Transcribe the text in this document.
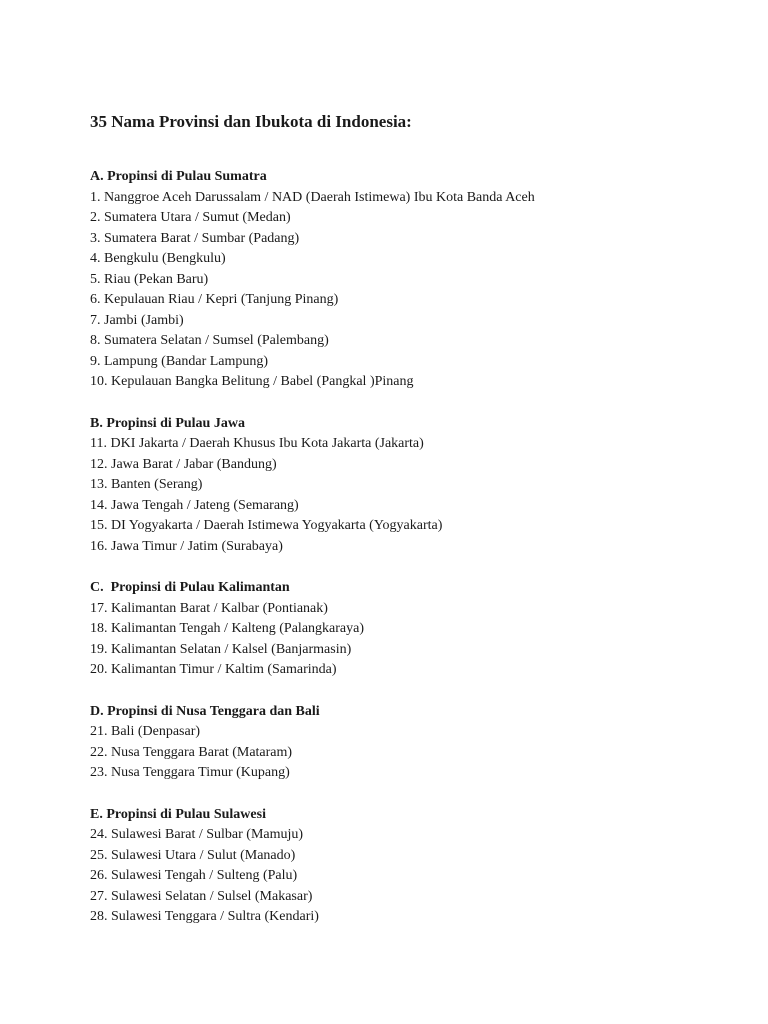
35 Nama Provinsi dan Ibukota di Indonesia:
A. Propinsi di Pulau Sumatra
1. Nanggroe Aceh Darussalam / NAD (Daerah Istimewa) Ibu Kota Banda Aceh
2. Sumatera Utara / Sumut (Medan)
3. Sumatera Barat / Sumbar (Padang)
4. Bengkulu (Bengkulu)
5. Riau (Pekan Baru)
6. Kepulauan Riau / Kepri (Tanjung Pinang)
7. Jambi (Jambi)
8. Sumatera Selatan / Sumsel (Palembang)
9. Lampung (Bandar Lampung)
10. Kepulauan Bangka Belitung / Babel (Pangkal )Pinang
B. Propinsi di Pulau Jawa
11. DKI Jakarta / Daerah Khusus Ibu Kota Jakarta (Jakarta)
12. Jawa Barat / Jabar (Bandung)
13. Banten (Serang)
14. Jawa Tengah / Jateng (Semarang)
15. DI Yogyakarta / Daerah Istimewa Yogyakarta (Yogyakarta)
16. Jawa Timur / Jatim (Surabaya)
C.  Propinsi di Pulau Kalimantan
17. Kalimantan Barat / Kalbar (Pontianak)
18. Kalimantan Tengah / Kalteng (Palangkaraya)
19. Kalimantan Selatan / Kalsel (Banjarmasin)
20. Kalimantan Timur / Kaltim (Samarinda)
D. Propinsi di Nusa Tenggara dan Bali
21. Bali (Denpasar)
22. Nusa Tenggara Barat (Mataram)
23. Nusa Tenggara Timur (Kupang)
E. Propinsi di Pulau Sulawesi
24. Sulawesi Barat / Sulbar (Mamuju)
25. Sulawesi Utara / Sulut (Manado)
26. Sulawesi Tengah / Sulteng (Palu)
27. Sulawesi Selatan / Sulsel (Makasar)
28. Sulawesi Tenggara / Sultra (Kendari)
